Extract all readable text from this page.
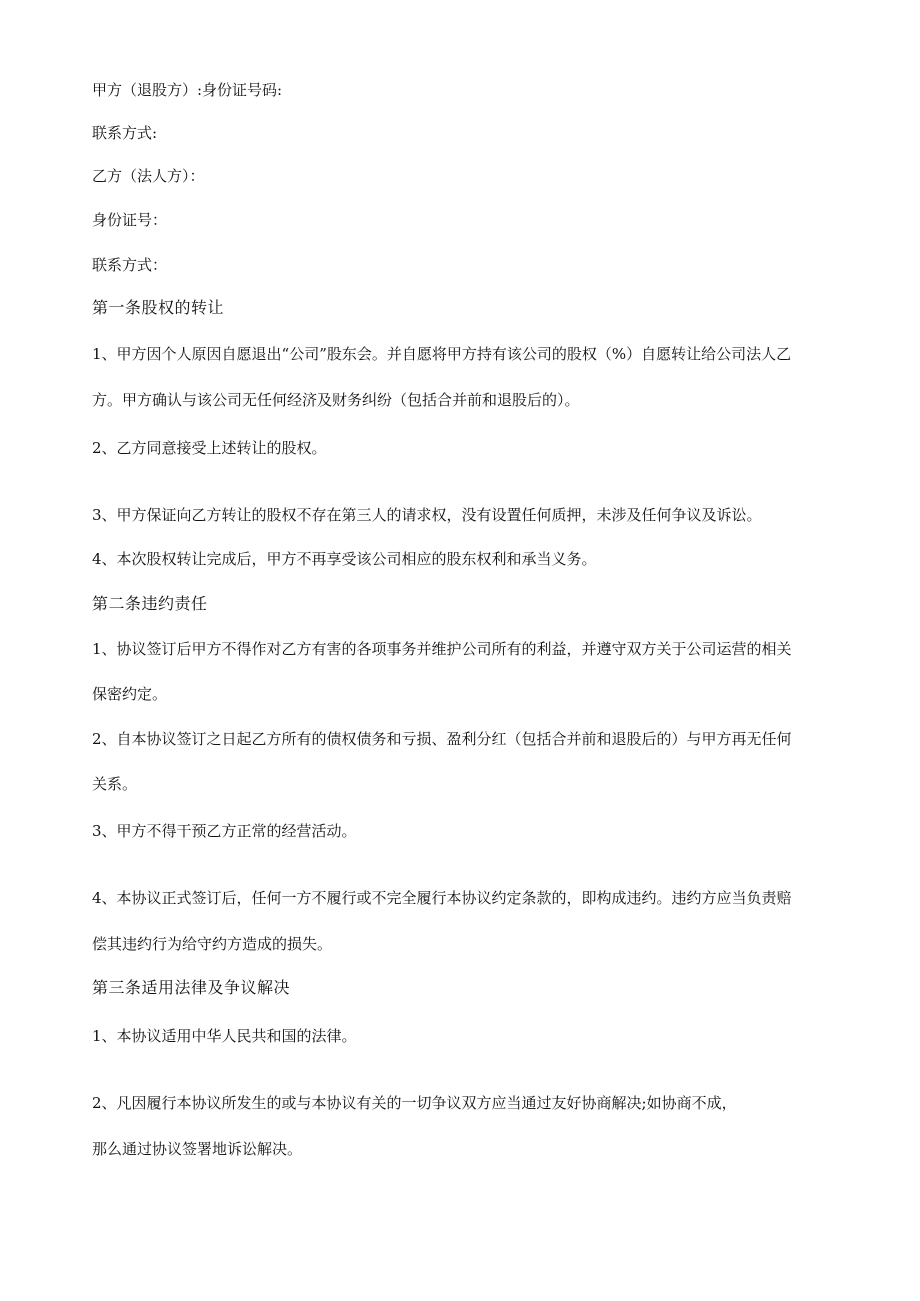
甲方（退股方）:身份证号码:
联系方式:
乙方（法人方）：
身份证号：
联系方式：
第一条股权的转让
1、甲方因个人原因自愿退出“公司”股东会。并自愿将甲方持有该公司的股权（%）自愿转让给公司法人乙
方。甲方确认与该公司无任何经济及财务纠纷（包括合并前和退股后的）。
2、乙方同意接受上述转让的股权。
3、甲方保证向乙方转让的股权不存在第三人的请求权，没有设置任何质押，未涉及任何争议及诉讼。
4、本次股权转让完成后，甲方不再享受该公司相应的股东权利和承当义务。
第二条违约责任
1、协议签订后甲方不得作对乙方有害的各项事务并维护公司所有的利益，并遵守双方关于公司运营的相关
保密约定。
2、自本协议签订之日起乙方所有的债权债务和亏损、盈利分红（包括合并前和退股后的）与甲方再无任何
关系。
3、甲方不得干预乙方正常的经营活动。
4、本协议正式签订后，任何一方不履行或不完全履行本协议约定条款的，即构成违约。违约方应当负责赔
偿其违约行为给守约方造成的损失。
第三条适用法律及争议解决
1、本协议适用中华人民共和国的法律。
2、凡因履行本协议所发生的或与本协议有关的一切争议双方应当通过友好协商解决;如协商不成，
那么通过协议签署地诉讼解决。
